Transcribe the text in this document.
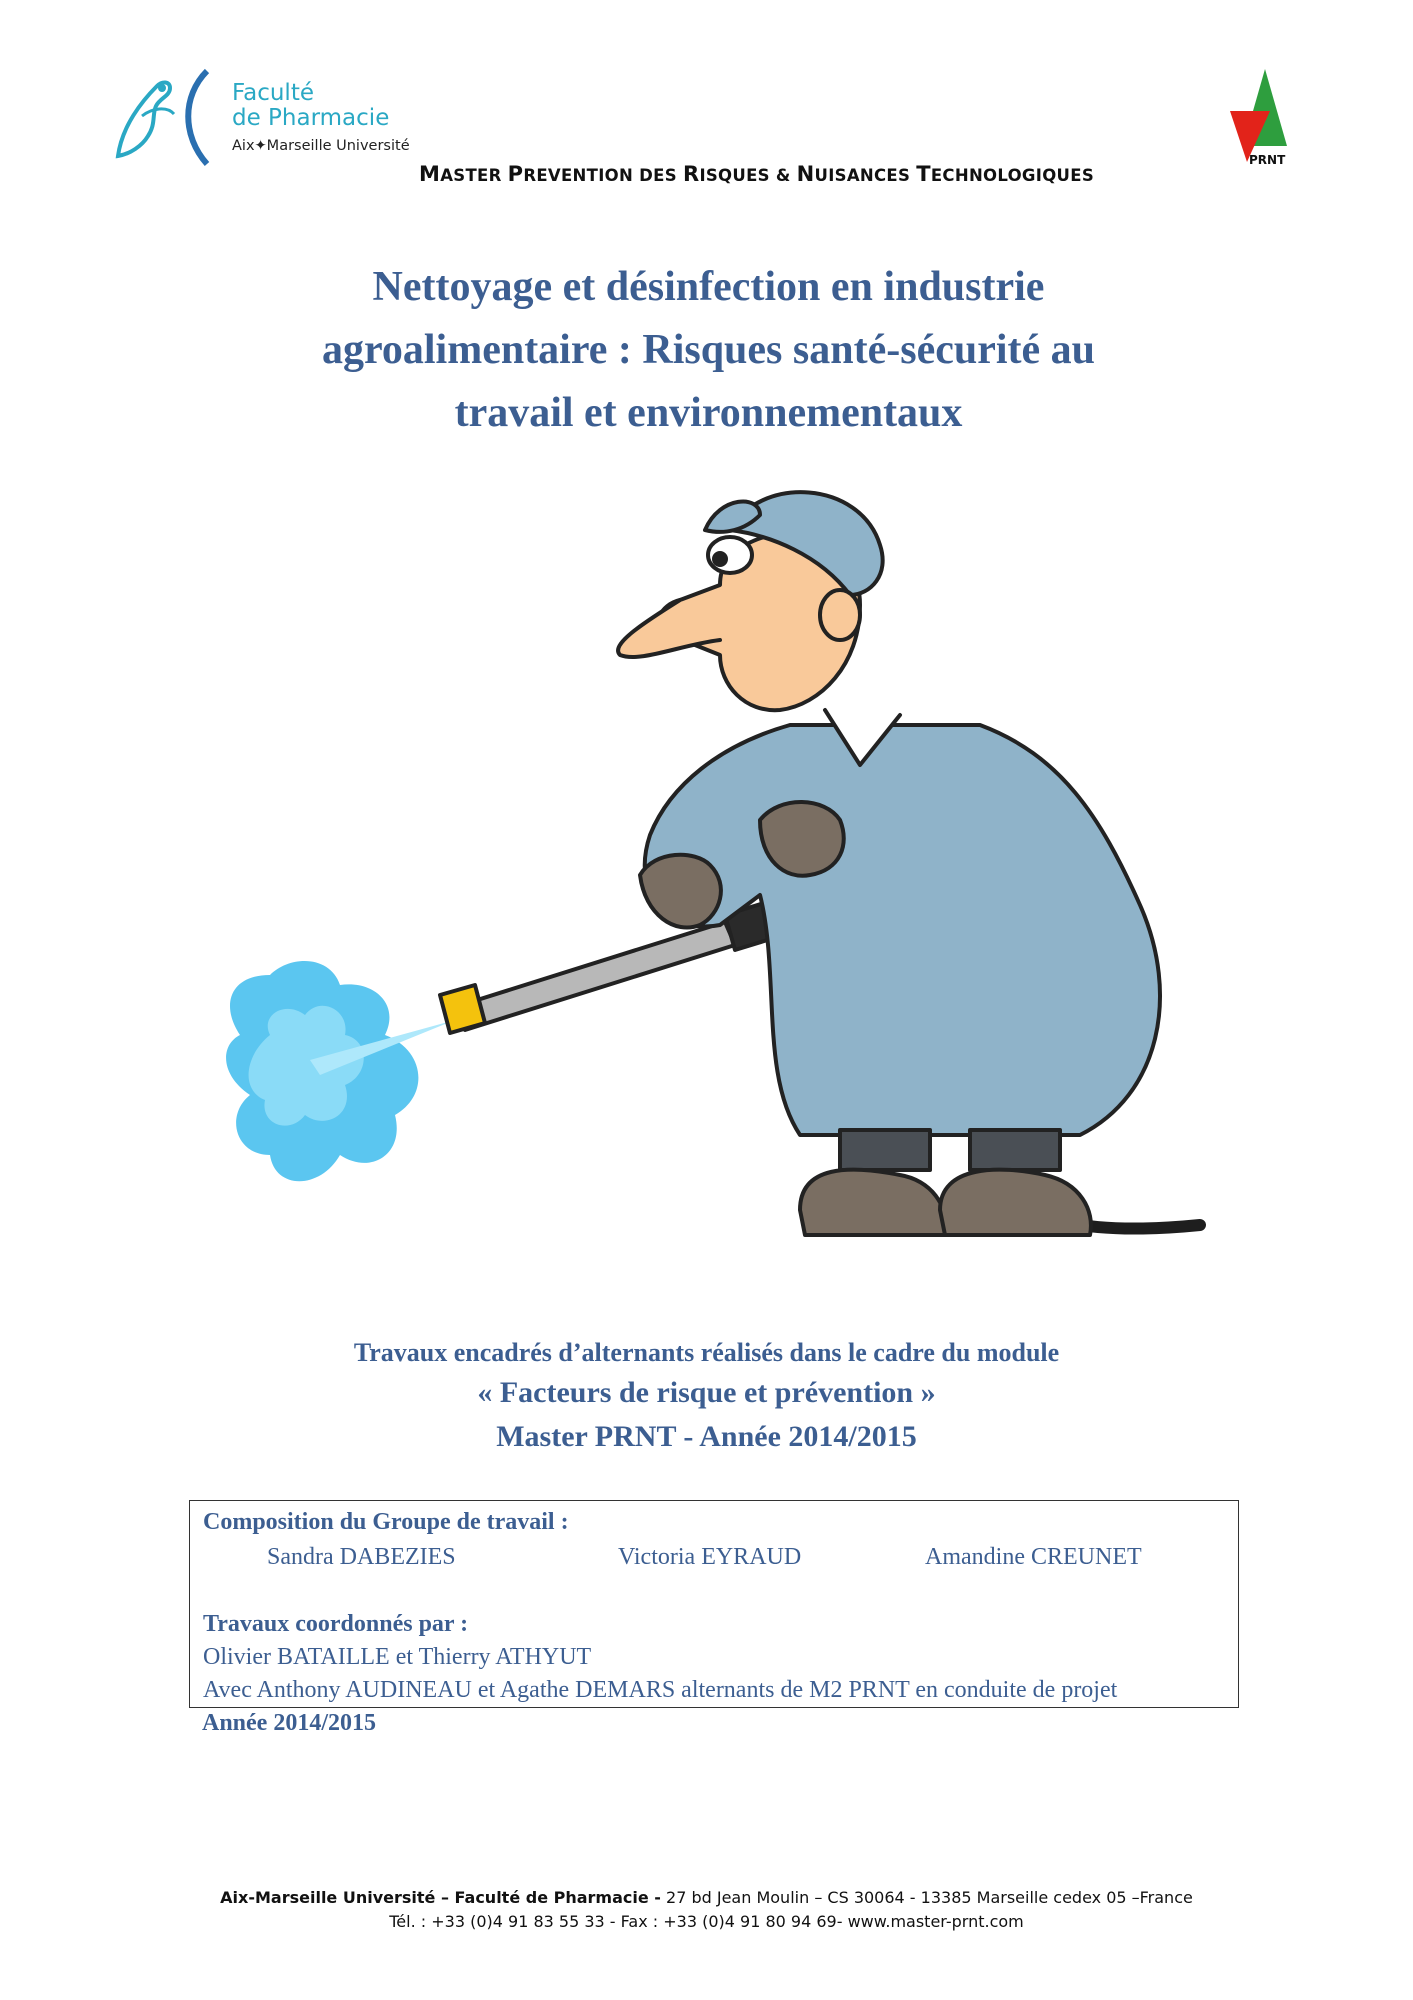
Faculté
de Pharmacie
Aix✦Marseille Université
PRNT
MASTER PREVENTION DES RISQUES & NUISANCES TECHNOLOGIQUES
Nettoyage et désinfection en industrie
agroalimentaire : Risques santé-sécurité au
travail et environnementaux
Travaux encadrés d’alternants réalisés dans le cadre du module
« Facteurs de risque et prévention »
Master PRNT - Année 2014/2015
Composition du Groupe de travail :
Sandra DABEZIES	Victoria EYRAUD	Amandine CREUNET
Travaux coordonnés par :
Olivier BATAILLE et Thierry ATHYUT
Avec Anthony AUDINEAU et Agathe DEMARS alternants de M2 PRNT en conduite de projet
Année 2014/2015
Aix-Marseille Université – Faculté de Pharmacie - 27 bd Jean Moulin – CS 30064 - 13385 Marseille cedex 05 –France
Tél. : +33 (0)4 91 83 55 33 - Fax : +33 (0)4 91 80 94 69- www.master-prnt.com
